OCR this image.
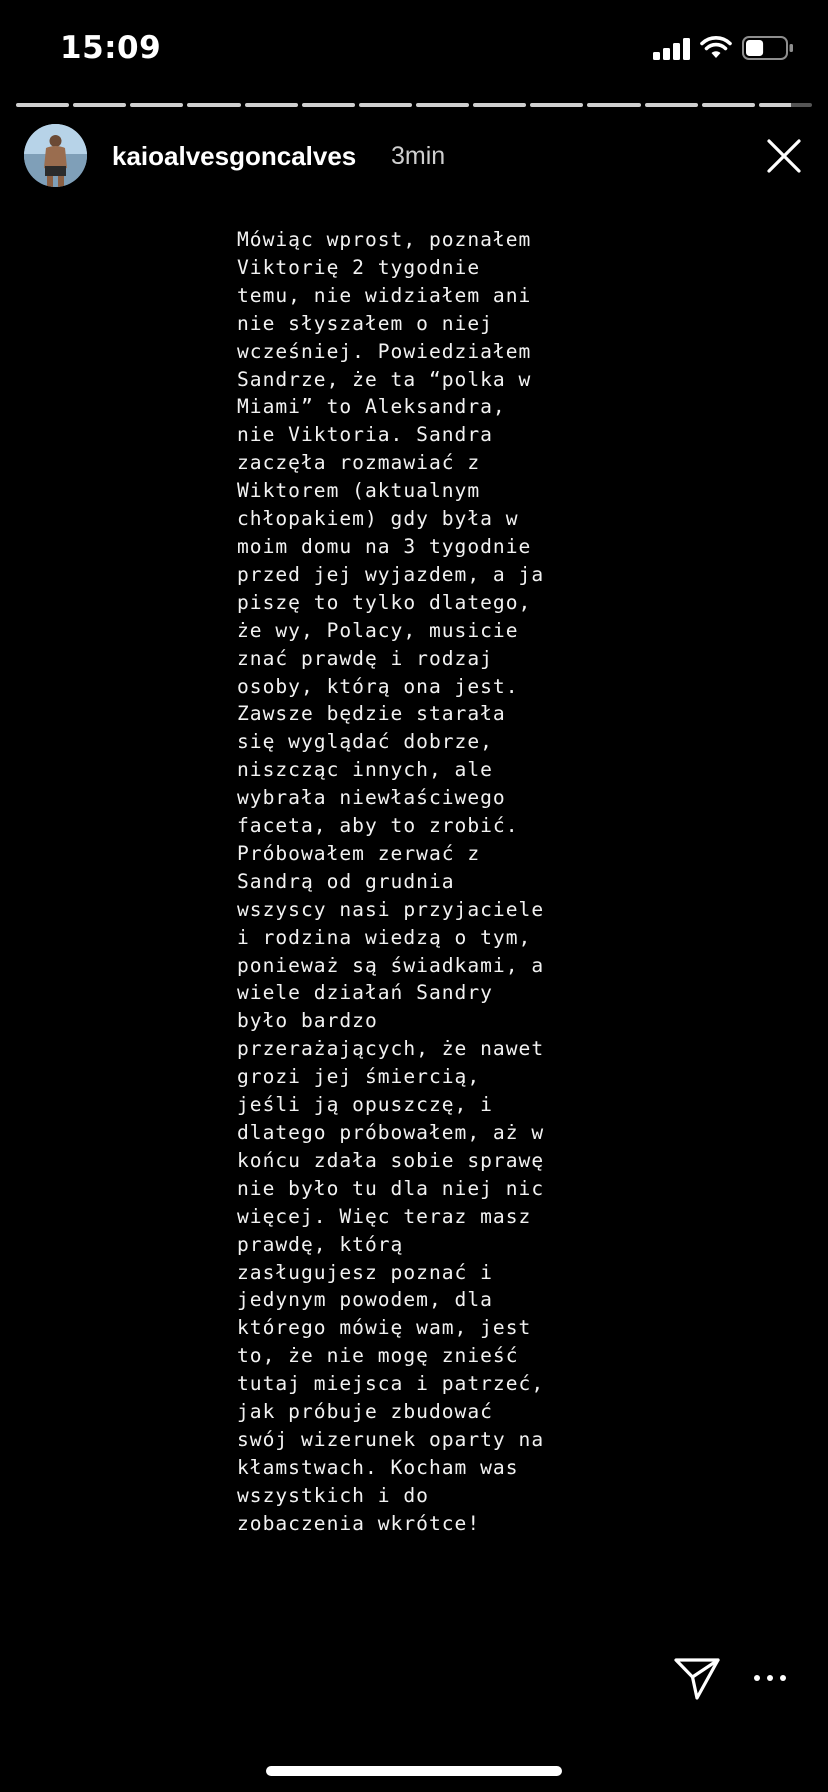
15:09
kaioalvesgoncalves 3min
Mówiąc wprost, poznałem
Viktorię 2 tygodnie
temu, nie widziałem ani
nie słyszałem o niej
wcześniej. Powiedziałem
Sandrze, że ta “polka w
Miami” to Aleksandra,
nie Viktoria. Sandra
zaczęła rozmawiać z
Wiktorem (aktualnym
chłopakiem) gdy była w
moim domu na 3 tygodnie
przed jej wyjazdem, a ja
piszę to tylko dlatego,
że wy, Polacy, musicie
znać prawdę i rodzaj
osoby, którą ona jest.
Zawsze będzie starała
się wyglądać dobrze,
niszcząc innych, ale
wybrała niewłaściwego
faceta, aby to zrobić.
Próbowałem zerwać z
Sandrą od grudnia
wszyscy nasi przyjaciele
i rodzina wiedzą o tym,
ponieważ są świadkami, a
wiele działań Sandry
było bardzo
przerażających, że nawet
grozi jej śmiercią,
jeśli ją opuszczę, i
dlatego próbowałem, aż w
końcu zdała sobie sprawę
nie było tu dla niej nic
więcej. Więc teraz masz
prawdę, którą
zasługujesz poznać i
jedynym powodem, dla
którego mówię wam, jest
to, że nie mogę znieść
tutaj miejsca i patrzeć,
jak próbuje zbudować
swój wizerunek oparty na
kłamstwach. Kocham was
wszystkich i do
zobaczenia wkrótce!
